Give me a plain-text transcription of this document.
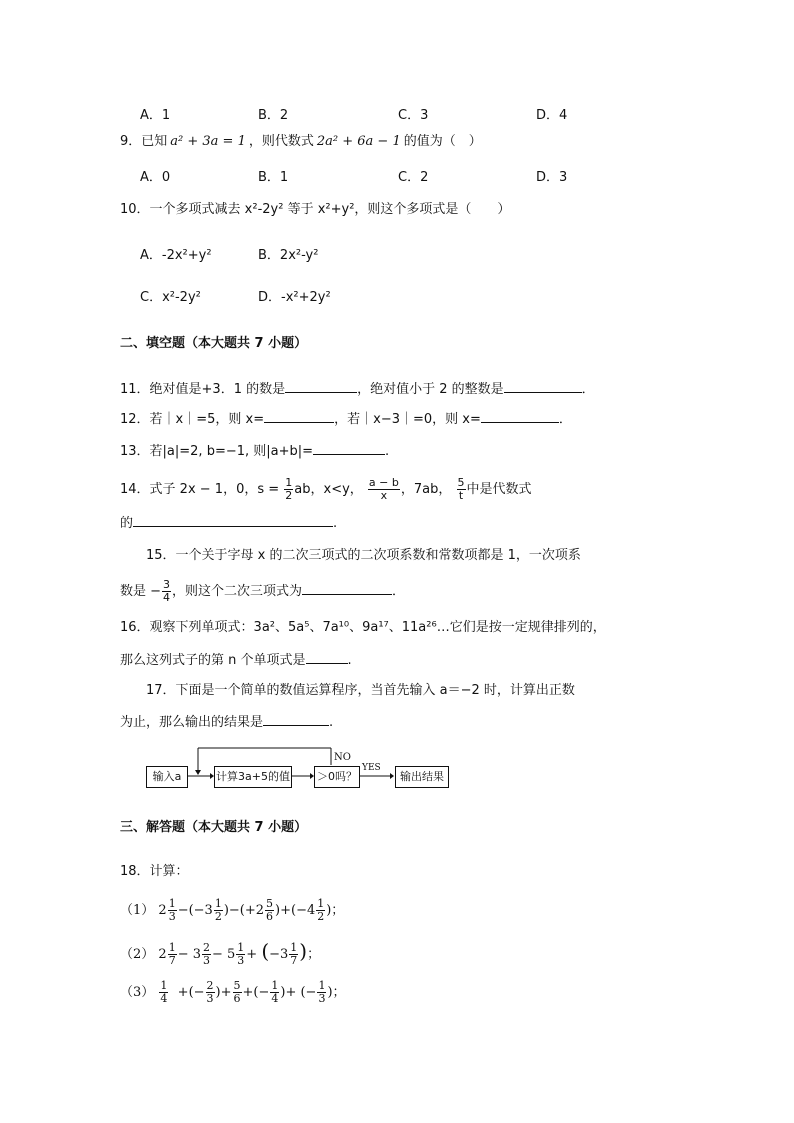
A．1	B．2	C．3	D．4
9．已知 a² + 3a = 1 ，则代数式 2a² + 6a − 1 的值为（　）
A．0	B．1	C．2	D．3
10．一个多项式减去 x²-2y² 等于 x²+y²，则这个多项式是（　　）
A．-2x²+y²	B．2x²-y²
C．x²-2y²	D．-x²+2y²
二、填空题（本大题共 7 小题）
11．绝对值是+3．1 的数是	，绝对值小于 2 的整数是	．
12．若｜x｜=5，则 x=	，若｜x−3｜=0，则 x=	．
13．若|a|=2, b=−1, 则|a+b|=	.
14．式子 2x − 1，0，$s = \frac{1}{2}$ ab，x<y， $\frac{a - b}{x}$ ，7ab， $\frac{5}{t}$ 中是代数式
的	.
15．一个关于字母 x 的二次三项式的二次项系数和常数项都是 1，一次项系
数是 − $\frac{3}{4}$ ，则这个二次三项式为	．
16．观察下列单项式：3a²、5a⁵、7a¹⁰、9a¹⁷、11a²⁶…它们是按一定规律排列的，
那么这列式子的第 n 个单项式是	.
17．下面是一个简单的数值运算程序，当首先输入 a＝−2 时，计算出正数
为止，那么输出的结果是	.
输入a	计算3a+5的值 ＞0吗？	输出结果
NO
YES
三、解答题（本大题共 7 小题）
18．计算：
（1） $2 \frac{1}{3} -(-3 \frac{1}{2} )-(+2 \frac{5}{6} )+(-4 \frac{1}{2}$ )；
（2） $2 \frac{1}{7} - 3 \frac{2}{3} - 5 \frac{1}{3} + (-3 \frac{1}{7}$ )；
$(3) \frac{1}{4}$ +(− $\frac{2}{3}$ )+ $\frac{5}{6}$ +(− $\frac{1}{4}$ )+ (− $\frac{1}{3}$ )；
